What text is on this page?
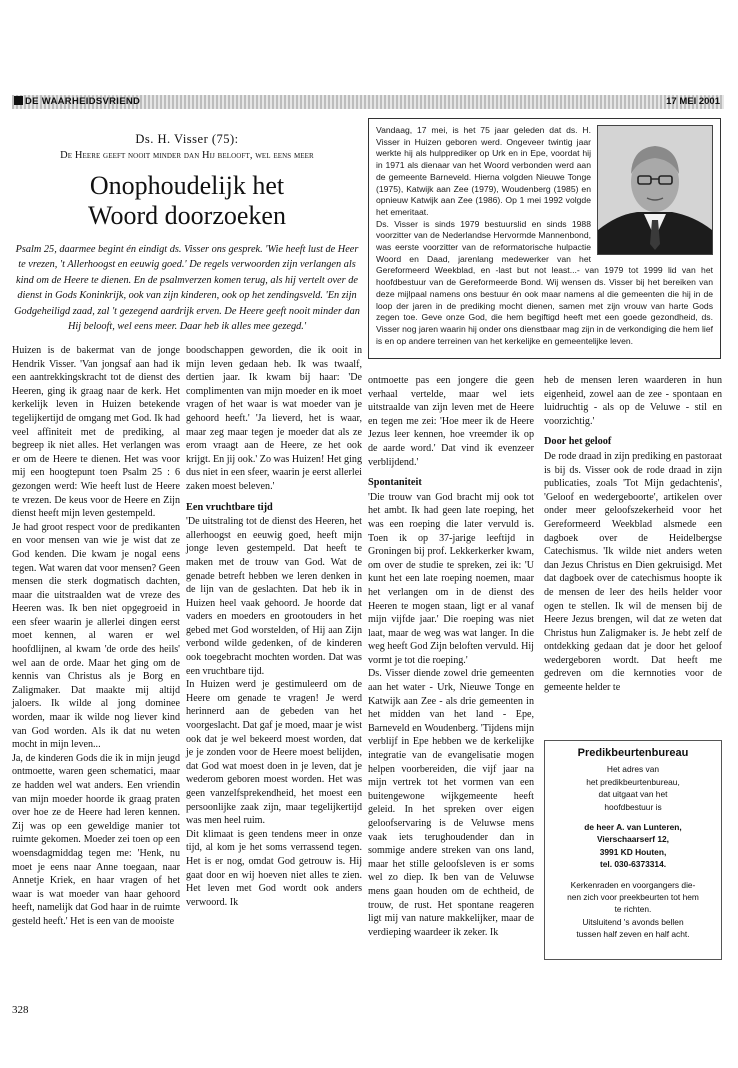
DE WAARHEIDSVRIEND	17 MEI 2001
Ds. H. Visser (75):
De Heere geeft nooit minder dan Hij belooft, wel eens meer
Onophoudelijk het
Woord doorzoeken

Psalm 25, daarmee begint én eindigt ds. Visser ons gesprek. 'Wie heeft lust de Heer te vrezen, 't Allerhoogst en eeuwig goed.' De regels verwoorden zijn verlangen als kind om de Heere te dienen. En de psalmverzen komen terug, als hij vertelt over de dienst in Gods Koninkrijk, ook van zijn kinderen, ook op het zendingsveld. 'En zijn Godgeheiligd zaad, zal 't gezegend aardrijk erven. De Heere geeft nooit minder dan Hij belooft, wel eens meer. Daar heb ik alles mee gezegd.'

Vandaag, 17 mei, is het 75 jaar geleden dat ds. H. Visser in Huizen geboren werd. Ongeveer twintig jaar werkte hij als hulpprediker op Urk en in Epe, voordat hij in 1971 als dienaar van het Woord verbonden werd aan de gemeente Barneveld. Hierna volgden Nieuwe Tonge (1975), Katwijk aan Zee (1979), Woudenberg (1985) en opnieuw Katwijk aan Zee (1986). Op 1 mei 1992 volgde het emeritaat.

Ds. Visser is sinds 1979 bestuurslid en sinds 1988 voorzitter van de Nederlandse Hervormde Mannenbond, was eerste voorzitter van de reformatorische hulpactie Woord en Daad, jarenlang medewerker van het Gereformeerd Weekblad, en -last but not least...- van 1979 tot 1999 lid van het hoofdbestuur van de Gereformeerde Bond. Wij wensen ds. Visser bij het bereiken van deze mijlpaal namens ons bestuur én ook maar namens al die gemeenten die hij in de loop der jaren in de prediking mocht dienen, samen met zijn vrouw van harte Gods zegen toe. Geve onze God, die hem begiftigd heeft met een goede gezondheid, ds. Visser nog jaren waarin hij onder ons dienstbaar mag zijn in de verkondiging die hem lief is en op andere terreinen van het kerkelijke en gemeentelijke leven.

Huizen is de bakermat van de jonge Hendrik Visser. 'Van jongsaf aan had ik een aantrekkingskracht tot de dienst des Heeren, ging ik graag naar de kerk. Het kerkelijk leven in Huizen betekende tegelijkertijd de omgang met God. Ik had veel affiniteit met de prediking, al begreep ik niet alles. Het verlangen was er om de Heere te dienen. Het was voor mij een hoogtepunt toen Psalm 25 : 6 gezongen werd: Wie heeft lust de Heere te vrezen. De keus voor de Heere en Zijn dienst heeft mijn leven gestempeld.

Je had groot respect voor de predikanten en voor mensen van wie je wist dat ze God kenden. Die kwam je nogal eens tegen. Wat waren dat voor mensen? Geen mensen die sterk dogmatisch dachten, maar die uitstraalden wat de vreze des Heeren was. Ik ben niet opgegroeid in een sfeer waarin je allerlei dingen eerst moet kennen, al waren er wel hoofdlijnen, al kwam 'de orde des heils' wel aan de orde. Maar het ging om de kennis van Christus als je Borg en Zaligmaker. Dat maakte mij altijd jaloers. Ik wilde al jong dominee worden, maar ik wilde nog liever kind van God worden. Als ik dat nu weten mocht in mijn leven...

Ja, de kinderen Gods die ik in mijn jeugd ontmoette, waren geen schematici, maar ze hadden wel wat anders. Een vriendin van mijn moeder hoorde ik graag praten over hoe ze de Heere had leren kennen. Zij was op een geweldige manier tot ruimte gekomen. Moeder zei toen op een woensdagmiddag tegen me: 'Henk, nu moet je eens naar Anne toegaan, naar Annetje Kriek, en haar vragen of het waar is wat moeder van haar gehoord heeft, namelijk dat God haar in de ruimte gesteld heeft.' Het is een van de mooiste

boodschappen geworden, die ik ooit in mijn leven gedaan heb. Ik was twaalf, dertien jaar. Ik kwam bij haar: 'De complimenten van mijn moeder en ik moet vragen of het waar is wat moeder van je gehoord heeft.' 'Ja lieverd, het is waar, maar zeg maar tegen je moeder dat als ze erom vraagt aan de Heere, ze het ook krijgt. En jij ook.' Zo was Huizen! Het ging dus niet in een sfeer, waarin je eerst allerlei zaken moest beleven.'

Een vruchtbare tijd

'De uitstraling tot de dienst des Heeren, het allerhoogst en eeuwig goed, heeft mijn jonge leven gestempeld. Dat heeft te maken met de trouw van God. Wat de genade betreft hebben we leren denken in de lijn van de geslachten. Dat heb ik in Huizen heel vaak gehoord. Je hoorde dat vaders en moeders en grootouders in het gebed met God worstelden, of Hij aan Zijn verbond wilde gedenken, of de kinderen ook toegebracht mochten worden. Dat was een vruchtbare tijd.

In Huizen werd je gestimuleerd om de Heere om genade te vragen! Je werd herinnerd aan de gebeden van het voorgeslacht. Dat gaf je moed, maar je wist ook dat je wel bekeerd moest worden, dat je je zonden voor de Heere moest belijden, dat God wat moest doen in je leven, dat je wederom geboren moest worden. Het was geen vanzelfsprekendheid, het moest een persoonlijke zaak zijn, maar tegelijkertijd was men heel ruim.

Dit klimaat is geen tendens meer in onze tijd, al kom je het soms verrassend tegen. Het is er nog, omdat God getrouw is. Hij gaat door en wij hoeven niet alles te zien. Het leven met God wordt ook anders verwoord. Ik

ontmoette pas een jongere die geen verhaal vertelde, maar wel iets uitstraalde van zijn leven met de Heere en tegen me zei: 'Hoe meer ik de Heere Jezus leer kennen, hoe vreemder ik op de aarde word.' Dat vind ik evenzeer verblijdend.'

Spontaniteit

'Die trouw van God bracht mij ook tot het ambt. Ik had geen late roeping, het was een roeping die later vervuld is. Toen ik op 37-jarige leeftijd in Groningen bij prof. Lekkerkerker kwam, om over de studie te spreken, zei ik: 'U kunt het een late roeping noemen, maar het verlangen om in de dienst des Heeren te mogen staan, ligt er al vanaf mijn vijfde jaar.' Die roeping was niet laat, maar de weg was wat langer. In die weg heeft God Zijn beloften vervuld. Hij vormt je tot die roeping.'

Ds. Visser diende zowel drie gemeenten aan het water - Urk, Nieuwe Tonge en Katwijk aan Zee - als drie gemeenten in het midden van het land - Epe, Barneveld en Woudenberg. 'Tijdens mijn verblijf in Epe hebben we de kerkelijke integratie van de evangelisatie mogen helpen voorbereiden, die vijf jaar na mijn vertrek tot het vormen van een buitengewone wijkgemeente heeft geleid. In het spreken over eigen geloofservaring is de Veluwse mens vaak iets terughoudender dan in sommige andere streken van ons land, maar het stille geloofsleven is er soms wel zo diep. Ik ben van de Veluwse mens gaan houden om de echtheid, de trouw, de rust. Het spontane reageren ligt mij van nature makkelijker, maar de verdieping waardeer ik zeker. Ik

heb de mensen leren waarderen in hun eigenheid, zowel aan de zee - spontaan en luidruchtig - als op de Veluwe - stil en voorzichtig.'

Door het geloof

De rode draad in zijn prediking en pastoraat is bij ds. Visser ook de rode draad in zijn publicaties, zoals 'Tot Mijn gedachtenis', 'Geloof en wedergeboorte', artikelen over onder meer geloofszekerheid voor het Gereformeerd Weekblad alsmede een dagboek over de Heidelbergse Catechismus. 'Ik wilde niet anders weten dan Jezus Christus en Dien gekruisigd. Met dat dagboek over de catechismus hoopte ik de mensen de leer des heils helder voor ogen te stellen. Ik wil de mensen bij de Heere Jezus brengen, wil dat ze weten dat Christus hun Zaligmaker is. Je hebt zelf de ontdekking gedaan dat je door het geloof wedergeboren wordt. Dat heeft me gedreven om die kernnoties voor de gemeente helder te

Predikbeurtenbureau

Het adres van

het predikbeurtenbureau,

dat uitgaat van het

hoofdbestuur is

de heer A. van Lunteren,

Vierschaarserf 12,

3991 KD Houten,

tel. 030-6373314.

Kerkenraden en voorgangers die-

nen zich voor preekbeurten tot hem

te richten.

Uitsluitend 's avonds bellen

tussen half zeven en half acht.

328
